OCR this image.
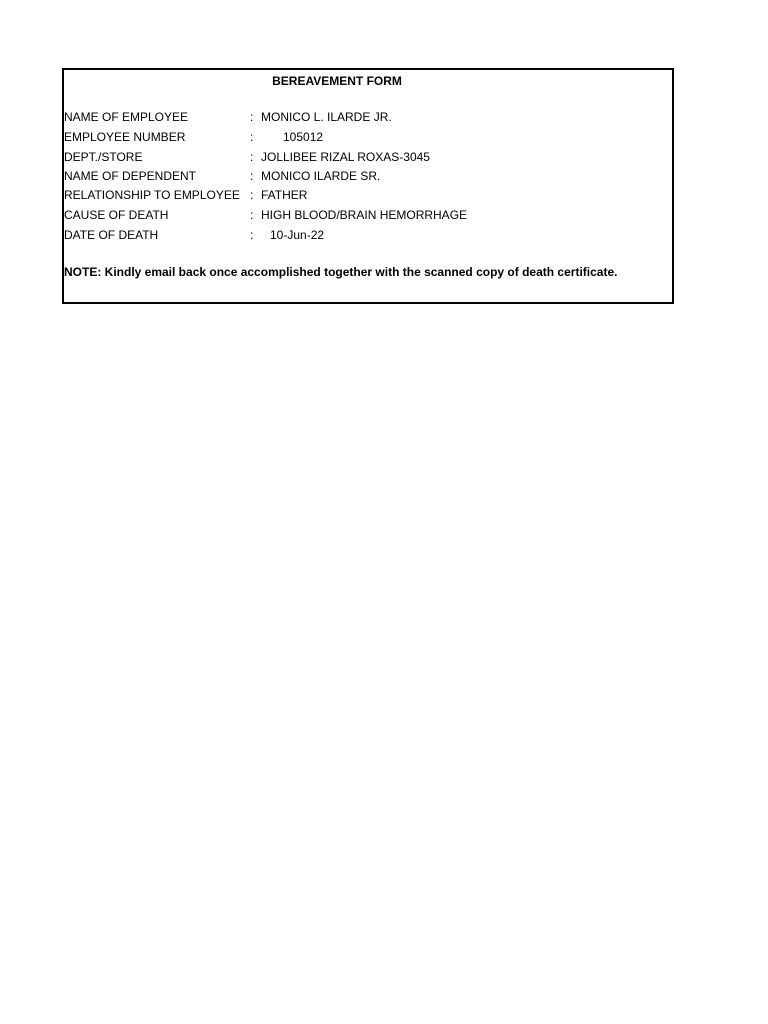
BEREAVEMENT FORM
NAME OF EMPLOYEE	: MONICO L. ILARDE JR.
EMPLOYEE NUMBER	: 105012
DEPT./STORE	: JOLLIBEE RIZAL ROXAS-3045
NAME OF DEPENDENT	: MONICO ILARDE SR.
RELATIONSHIP TO EMPLOYEE : FATHER
CAUSE OF DEATH	: HIGH BLOOD/BRAIN HEMORRHAGE
DATE OF DEATH	: 10-Jun-22
NOTE: Kindly email back once accomplished together with the scanned copy of death certificate.
